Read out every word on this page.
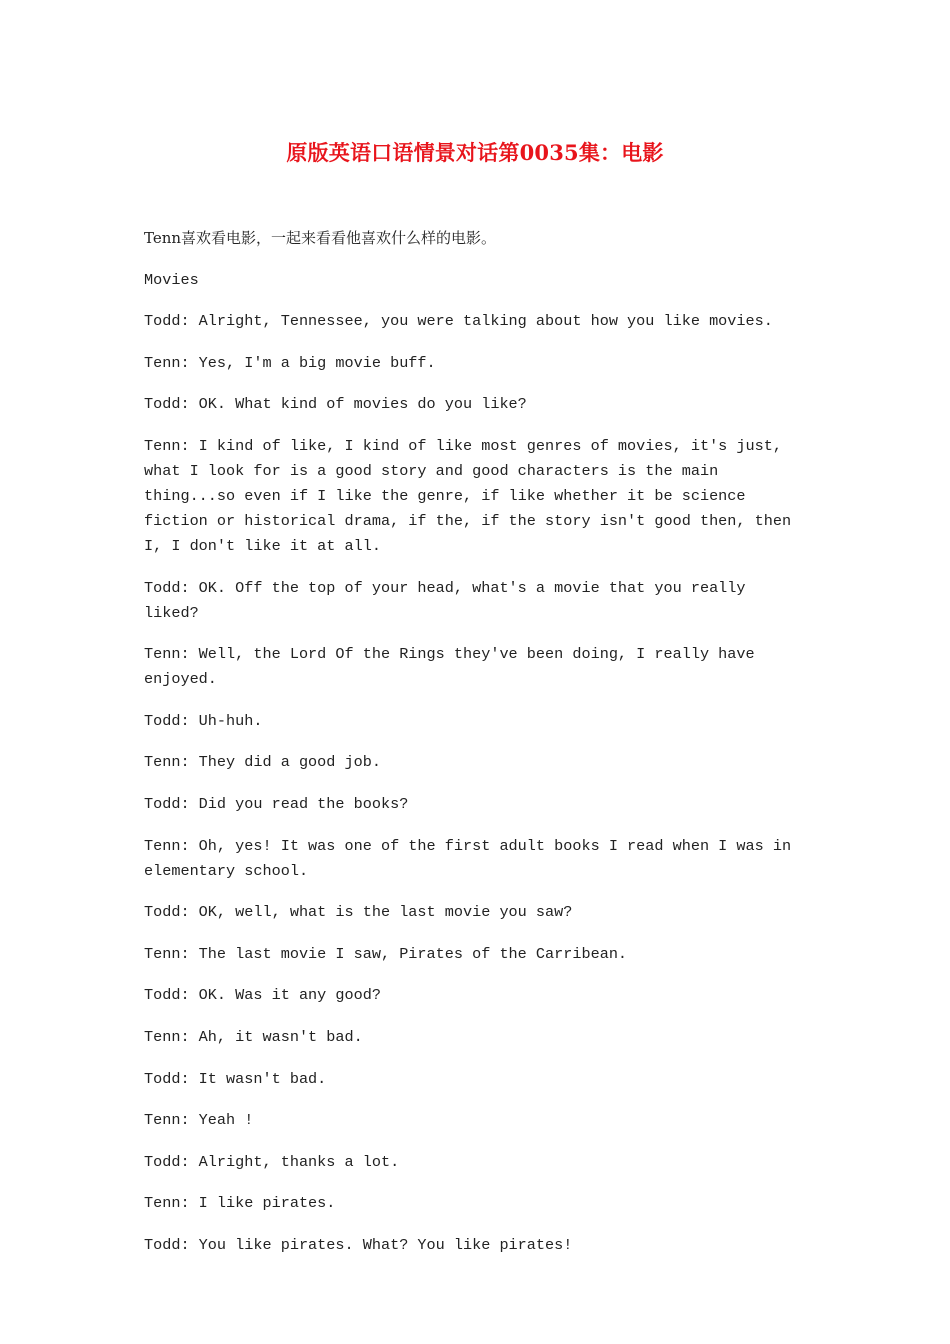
原版英语口语情景对话第0035集：电影

Tenn喜欢看电影，一起来看看他喜欢什么样的电影。

Movies

Todd: Alright, Tennessee, you were talking about how you like movies.

Tenn: Yes, I'm a big movie buff.

Todd: OK. What kind of movies do you like?

Tenn: I kind of like, I kind of like most genres of movies, it's just, what I look for is a good story and good characters is the main thing...so even if I like the genre, if like whether it be science fiction or historical drama, if the, if the story isn't good then, then I, I don't like it at all.

Todd: OK. Off the top of your head, what's a movie that you really liked?

Tenn: Well, the Lord Of the Rings they've been doing, I really have enjoyed.

Todd: Uh-huh.

Tenn: They did a good job.

Todd: Did you read the books?

Tenn: Oh, yes! It was one of the first adult books I read when I was in elementary school.

Todd: OK, well, what is the last movie you saw?

Tenn: The last movie I saw, Pirates of the Carribean.

Todd: OK. Was it any good?

Tenn: Ah, it wasn't bad.

Todd: It wasn't bad.

Tenn: Yeah !

Todd: Alright, thanks a lot.

Tenn: I like pirates.

Todd: You like pirates. What? You like pirates!
